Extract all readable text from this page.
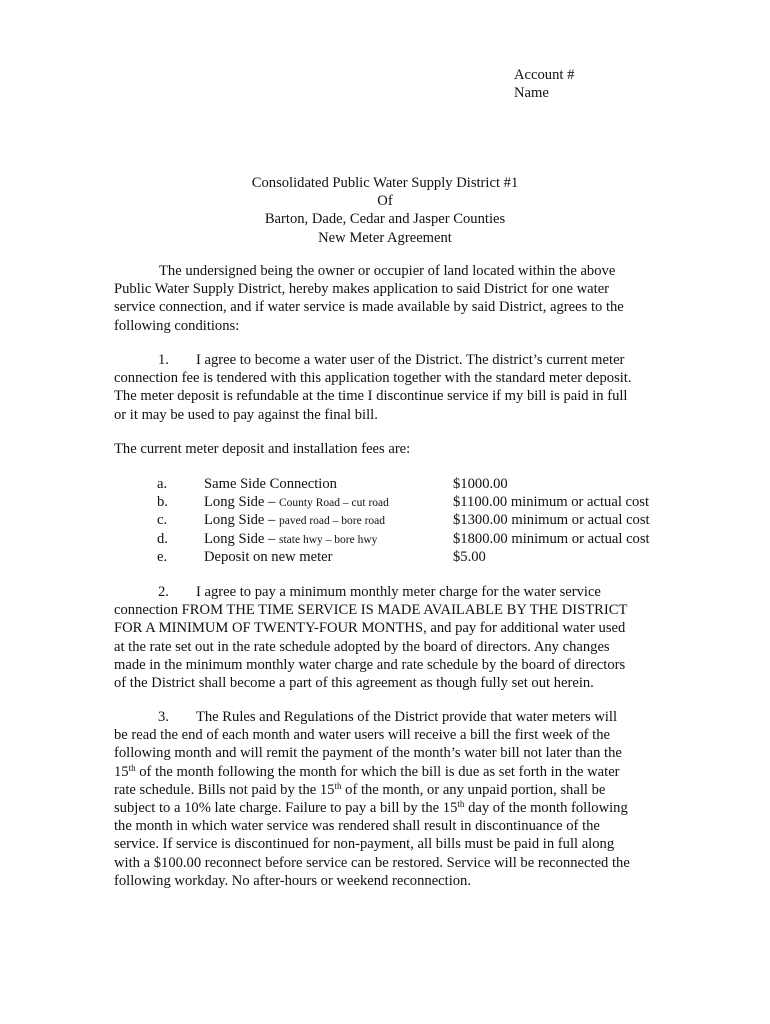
Account #
Name
Consolidated Public Water Supply District #1
Of
Barton, Dade, Cedar and Jasper Counties
New Meter Agreement
The undersigned being the owner or occupier of land located within the above
Public Water Supply District, hereby makes application to said District for one water
service connection, and if water service is made available by said District, agrees to the
following conditions:
1. I agree to become a water user of the District. The district’s current meter
connection fee is tendered with this application together with the standard meter deposit.
The meter deposit is refundable at the time I discontinue service if my bill is paid in full
or it may be used to pay against the final bill.
The current meter deposit and installation fees are:
a.	Same Side Connection	$1000.00
b. Long Side – County Road – cut road	$1100.00 minimum or actual cost
c.	Long Side – paved road – bore road	$1300.00 minimum or actual cost
d. Long Side – state hwy – bore hwy	$1800.00 minimum or actual cost
e.	Deposit on new meter	$5.00
2. I agree to pay a minimum monthly meter charge for the water service
connection FROM THE TIME SERVICE IS MADE AVAILABLE BY THE DISTRICT
FOR A MINIMUM OF TWENTY-FOUR MONTHS, and pay for additional water used
at the rate set out in the rate schedule adopted by the board of directors. Any changes
made in the minimum monthly water charge and rate schedule by the board of directors
of the District shall become a part of this agreement as though fully set out herein.
3. The Rules and Regulations of the District provide that water meters will
be read the end of each month and water users will receive a bill the first week of the
following month and will remit the payment of the month’s water bill not later than the
15th of the month following the month for which the bill is due as set forth in the water
rate schedule. Bills not paid by the 15th of the month, or any unpaid portion, shall be
subject to a 10% late charge. Failure to pay a bill by the 15th day of the month following
the month in which water service was rendered shall result in discontinuance of the
service. If service is discontinued for non-payment, all bills must be paid in full along
with a $100.00 reconnect before service can be restored. Service will be reconnected the
following workday. No after-hours or weekend reconnection.
